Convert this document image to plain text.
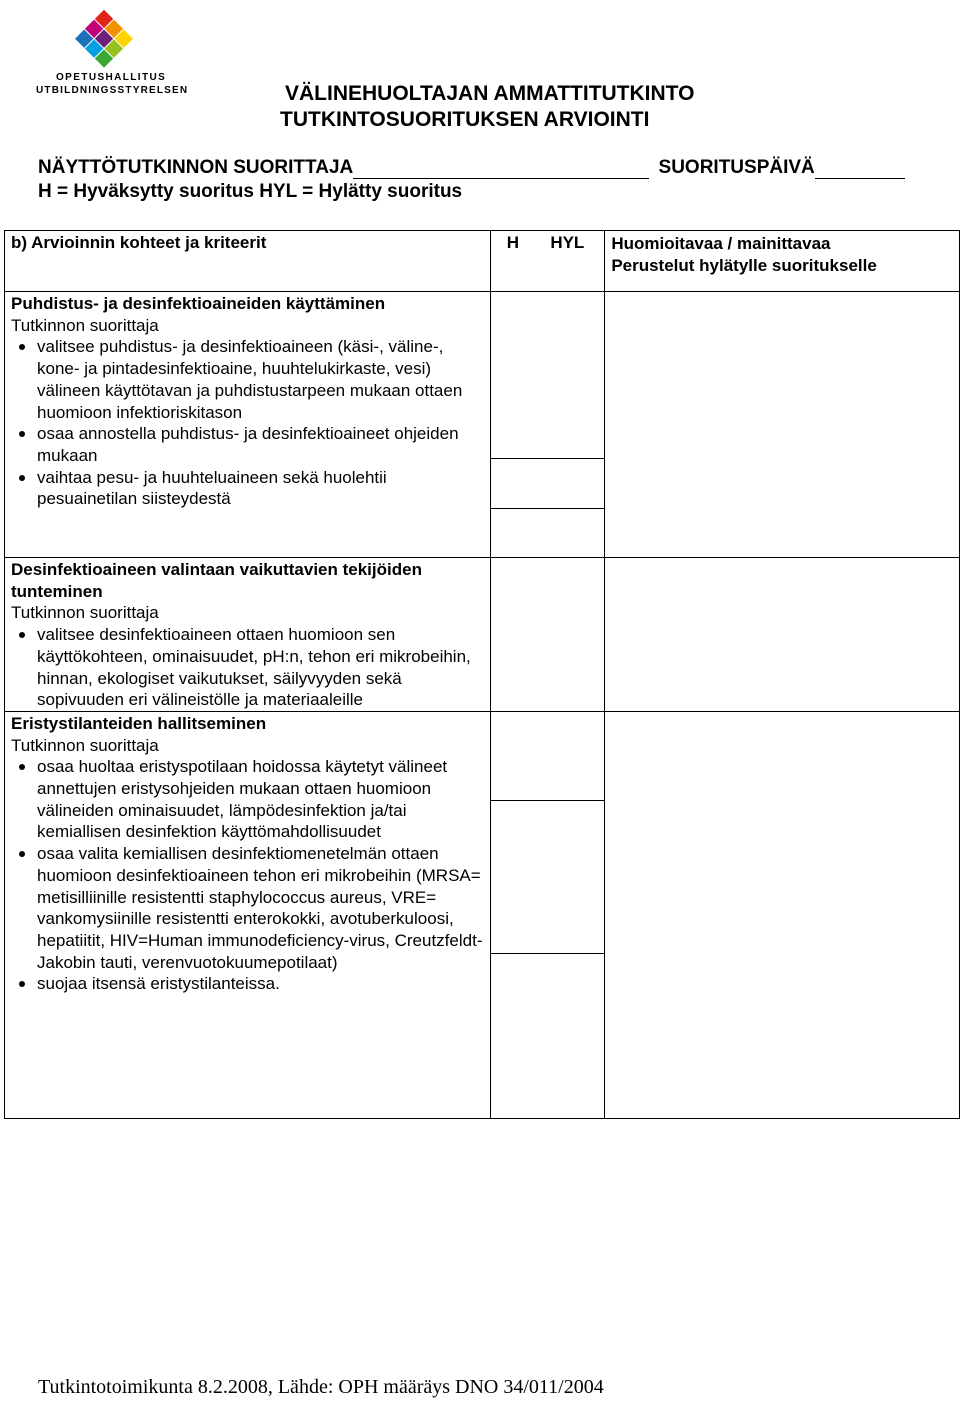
OPETUSHALLITUS
UTBILDNINGSSTYRELSEN	VÄLINEHUOLTAJAN AMMATTITUTKINTO
TUTKINTOSUORITUKSEN ARVIOINTI
NÄYTTÖTUTKINNON SUORITTAJA	SUORITUSPÄIVÄ
H = Hyväksytty suoritus HYL = Hylätty suoritus
b) Arvioinnin kohteet ja kriteerit	H HYL	Huomioitavaa / mainittavaa
Perustelut hylätylle suoritukselle

Puhdistus- ja desinfektioaineiden käyttäminen
Tutkinnon suorittaja
valitsee puhdistus- ja desinfektioaineen (käsi-, väline-, kone- ja pintadesinfektioaine, huuhtelukirkaste, vesi) välineen käyttötavan ja puhdistustarpeen mukaan ottaen huomioon infektioriskitason
osaa annostella puhdistus- ja desinfektioaineet ohjeiden mukaan
vaihtaa pesu- ja huuhteluaineen sekä huolehtii pesuainetilan siisteydestä

Desinfektioaineen valintaan vaikuttavien tekijöiden tunteminen
Tutkinnon suorittaja
valitsee desinfektioaineen ottaen huomioon sen käyttökohteen, ominaisuudet, pH:n, tehon eri mikrobeihin, hinnan, ekologiset vaikutukset, säilyvyyden sekä sopivuuden eri välineistölle ja materiaaleille

Eristystilanteiden hallitseminen
Tutkinnon suorittaja
osaa huoltaa eristyspotilaan hoidossa käytetyt välineet annettujen eristysohjeiden mukaan ottaen huomioon välineiden ominaisuudet, lämpödesinfektion ja/tai kemiallisen desinfektion käyttömahdollisuudet
osaa valita kemiallisen desinfektiomenetelmän ottaen huomioon desinfektioaineen tehon eri mikrobeihin (MRSA= metisilliinille resistentti staphylococcus aureus, VRE= vankomysiinille resistentti enterokokki, avotuberkuloosi, hepatiitit, HIV=Human immunodeficiency-virus, Creutzfeldt-Jakobin tauti, verenvuotokuumepotilaat)
suojaa itsensä eristystilanteissa.

Tutkintotoimikunta 8.2.2008, Lähde: OPH määräys DNO 34/011/2004
